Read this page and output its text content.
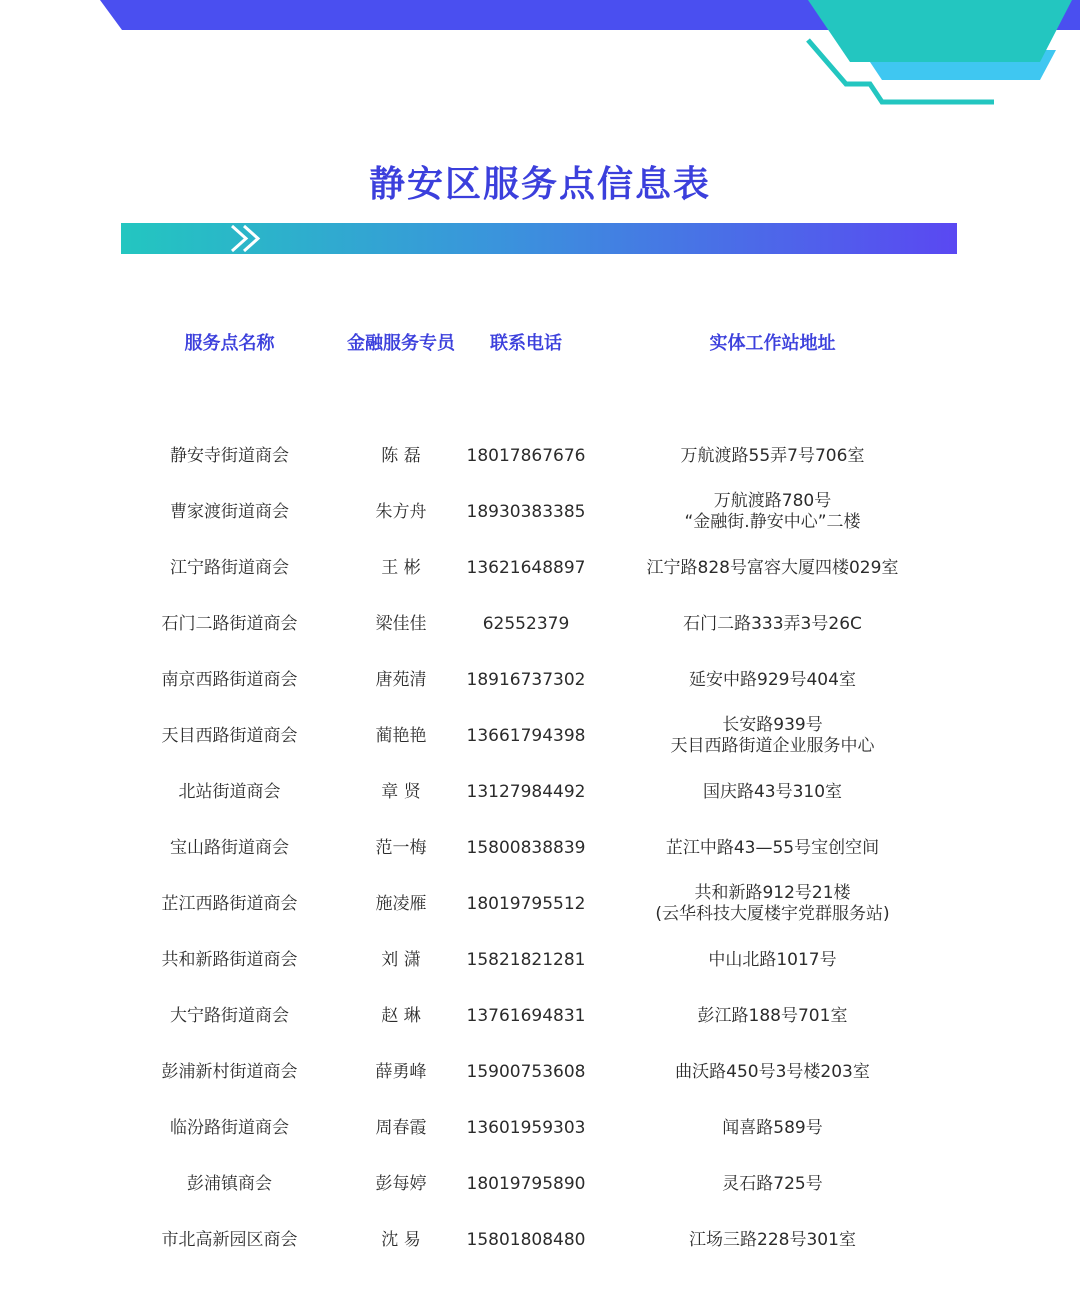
静安区服务点信息表
服务点名称	金融服务专员	联系电话	实体工作站地址

静安寺街道商会	陈 磊	18017867676	万航渡路55弄7号706室

曹家渡街道商会	朱方舟	18930383385	万航渡路780号
“金融街.静安中心”二楼

江宁路街道商会	王 彬	13621648897	江宁路828号富容大厦四楼029室

石门二路街道商会	梁佳佳	62552379	石门二路333弄3号26C

南京西路街道商会	唐苑清	18916737302	延安中路929号404室

天目西路街道商会	蔺艳艳	13661794398	长安路939号
天目西路街道企业服务中心

北站街道商会	章 贤	13127984492	国庆路43号310室

宝山路街道商会	范一梅	15800838839	芷江中路43—55号宝创空间

芷江西路街道商会	施凌雁	18019795512	共和新路912号21楼
(云华科技大厦楼宇党群服务站)

共和新路街道商会	刘 潇	15821821281	中山北路1017号

大宁路街道商会	赵 琳	13761694831	彭江路188号701室

彭浦新村街道商会	薛勇峰	15900753608	曲沃路450号3号楼203室

临汾路街道商会	周春霞	13601959303	闻喜路589号

彭浦镇商会	彭每婷	18019795890	灵石路725号

市北高新园区商会	沈 易	15801808480	江场三路228号301室
